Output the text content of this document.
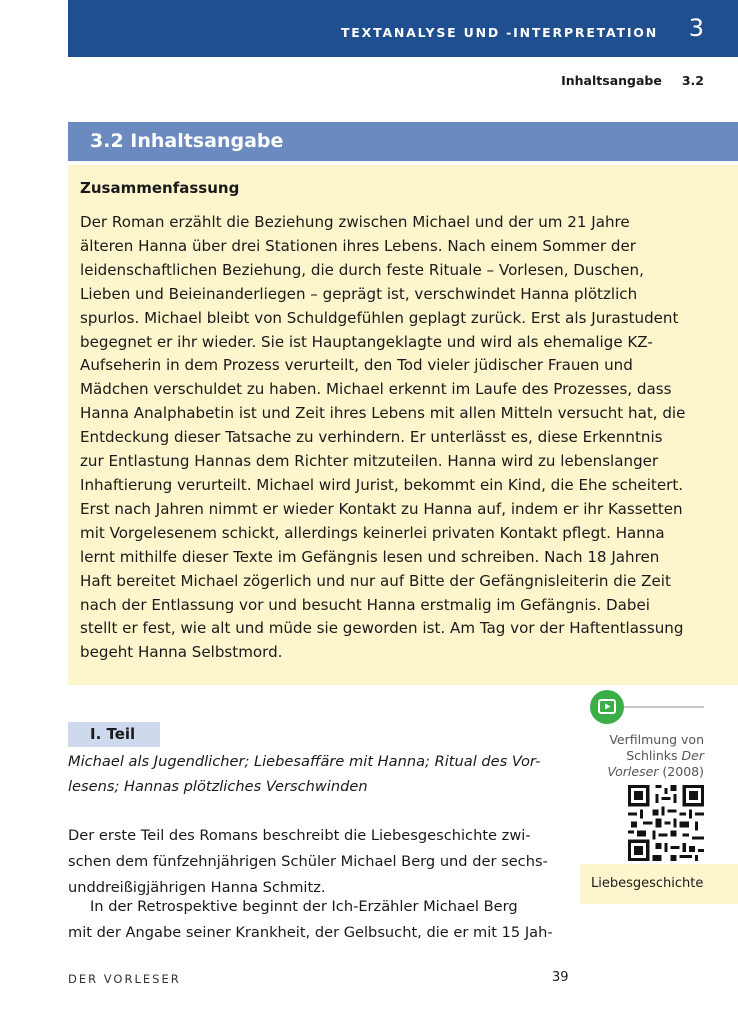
TEXTANALYSE UND -INTERPRETATION 3
Inhaltsangabe 3.2
3.2 Inhaltsangabe
Zusammenfassung
Der Roman erzählt die Beziehung zwischen Michael und der um 21 Jahre
älteren Hanna über drei Stationen ihres Lebens. Nach einem Sommer der
leidenschaftlichen Beziehung, die durch feste Rituale – Vorlesen, Duschen,
Lieben und Beieinanderliegen – geprägt ist, verschwindet Hanna plötzlich
spurlos. Michael bleibt von Schuldgefühlen geplagt zurück. Erst als Jurastudent
begegnet er ihr wieder. Sie ist Hauptangeklagte und wird als ehemalige KZ-
Aufseherin in dem Prozess verurteilt, den Tod vieler jüdischer Frauen und
Mädchen verschuldet zu haben. Michael erkennt im Laufe des Prozesses, dass
Hanna Analphabetin ist und Zeit ihres Lebens mit allen Mitteln versucht hat, die
Entdeckung dieser Tatsache zu verhindern. Er unterlässt es, diese Erkenntnis
zur Entlastung Hannas dem Richter mitzuteilen. Hanna wird zu lebenslanger
Inhaftierung verurteilt. Michael wird Jurist, bekommt ein Kind, die Ehe scheitert.
Erst nach Jahren nimmt er wieder Kontakt zu Hanna auf, indem er ihr Kassetten
mit Vorgelesenem schickt, allerdings keinerlei privaten Kontakt pflegt. Hanna
lernt mithilfe dieser Texte im Gefängnis lesen und schreiben. Nach 18 Jahren
Haft bereitet Michael zögerlich und nur auf Bitte der Gefängnisleiterin die Zeit
nach der Entlassung vor und besucht Hanna erstmalig im Gefängnis. Dabei
stellt er fest, wie alt und müde sie geworden ist. Am Tag vor der Haftentlassung
begeht Hanna Selbstmord.
I. Teil
Michael als Jugendlicher; Liebesaffäre mit Hanna; Ritual des Vor-
lesens; Hannas plötzliches Verschwinden
Der erste Teil des Romans beschreibt die Liebesgeschichte zwi-
schen dem fünfzehnjährigen Schüler Michael Berg und der sechs-
unddreißigjährigen Hanna Schmitz.
In der Retrospektive beginnt der Ich-Erzähler Michael Berg
mit der Angabe seiner Krankheit, der Gelbsucht, die er mit 15 Jah-
Verfilmung von
Schlinks Der
Vorleser (2008)
Liebesgeschichte
DER VORLESER	39
